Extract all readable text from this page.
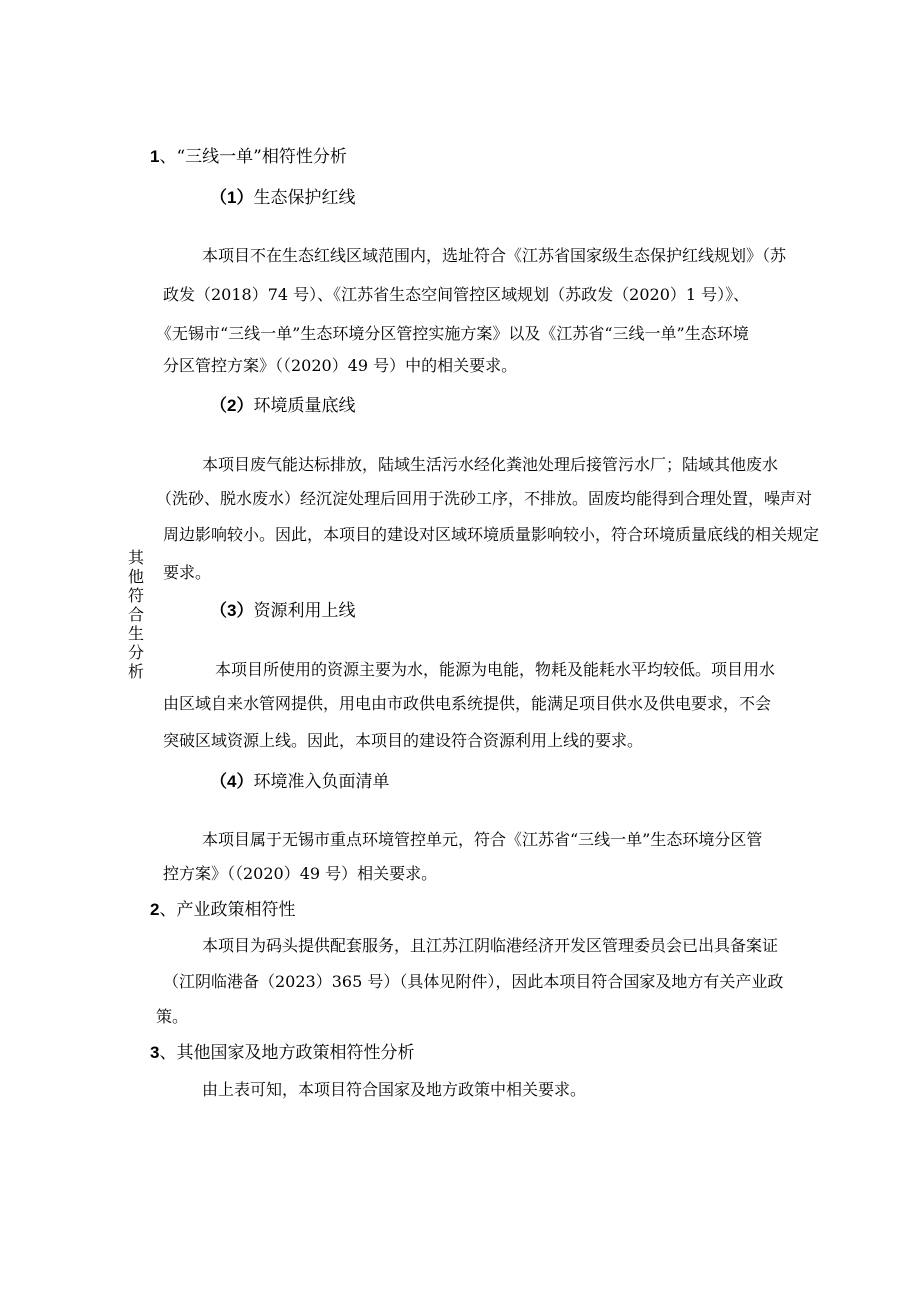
1、“三线一单”相符性分析
（1）生态保护红线
本项目不在生态红线区域范围内，选址符合《江苏省国家级生态保护红线规划》（苏
政发（2018）74 号）、《江苏省生态空间管控区域规划（苏政发（2020）1 号）》、
《无锡市“三线一单”生态环境分区管控实施方案》以及《江苏省“三线一单”生态环境
分区管控方案》（（2020）49 号）中的相关要求。
（2）环境质量底线
本项目废气能达标排放，陆域生活污水经化粪池处理后接管污水厂；陆域其他废水
（洗砂、脱水废水）经沉淀处理后回用于洗砂工序，不排放。固废均能得到合理处置，噪声对
周边影响较小。因此，本项目的建设对区域环境质量影响较小，符合环境质量底线的相关规定
要求。
其他符合生分析
（3）资源利用上线
本项目所使用的资源主要为水，能源为电能，物耗及能耗水平均较低。项目用水
由区域自来水管网提供，用电由市政供电系统提供，能满足项目供水及供电要求，不会
突破区域资源上线。因此，本项目的建设符合资源利用上线的要求。
（4）环境准入负面清单
本项目属于无锡市重点环境管控单元，符合《江苏省“三线一单”生态环境分区管
控方案》（（2020）49 号）相关要求。
2、产业政策相符性
本项目为码头提供配套服务，且江苏江阴临港经济开发区管理委员会已出具备案证
（江阴临港备（2023）365 号）（具体见附件），因此本项目符合国家及地方有关产业政
策。
3、其他国家及地方政策相符性分析
由上表可知，本项目符合国家及地方政策中相关要求。
